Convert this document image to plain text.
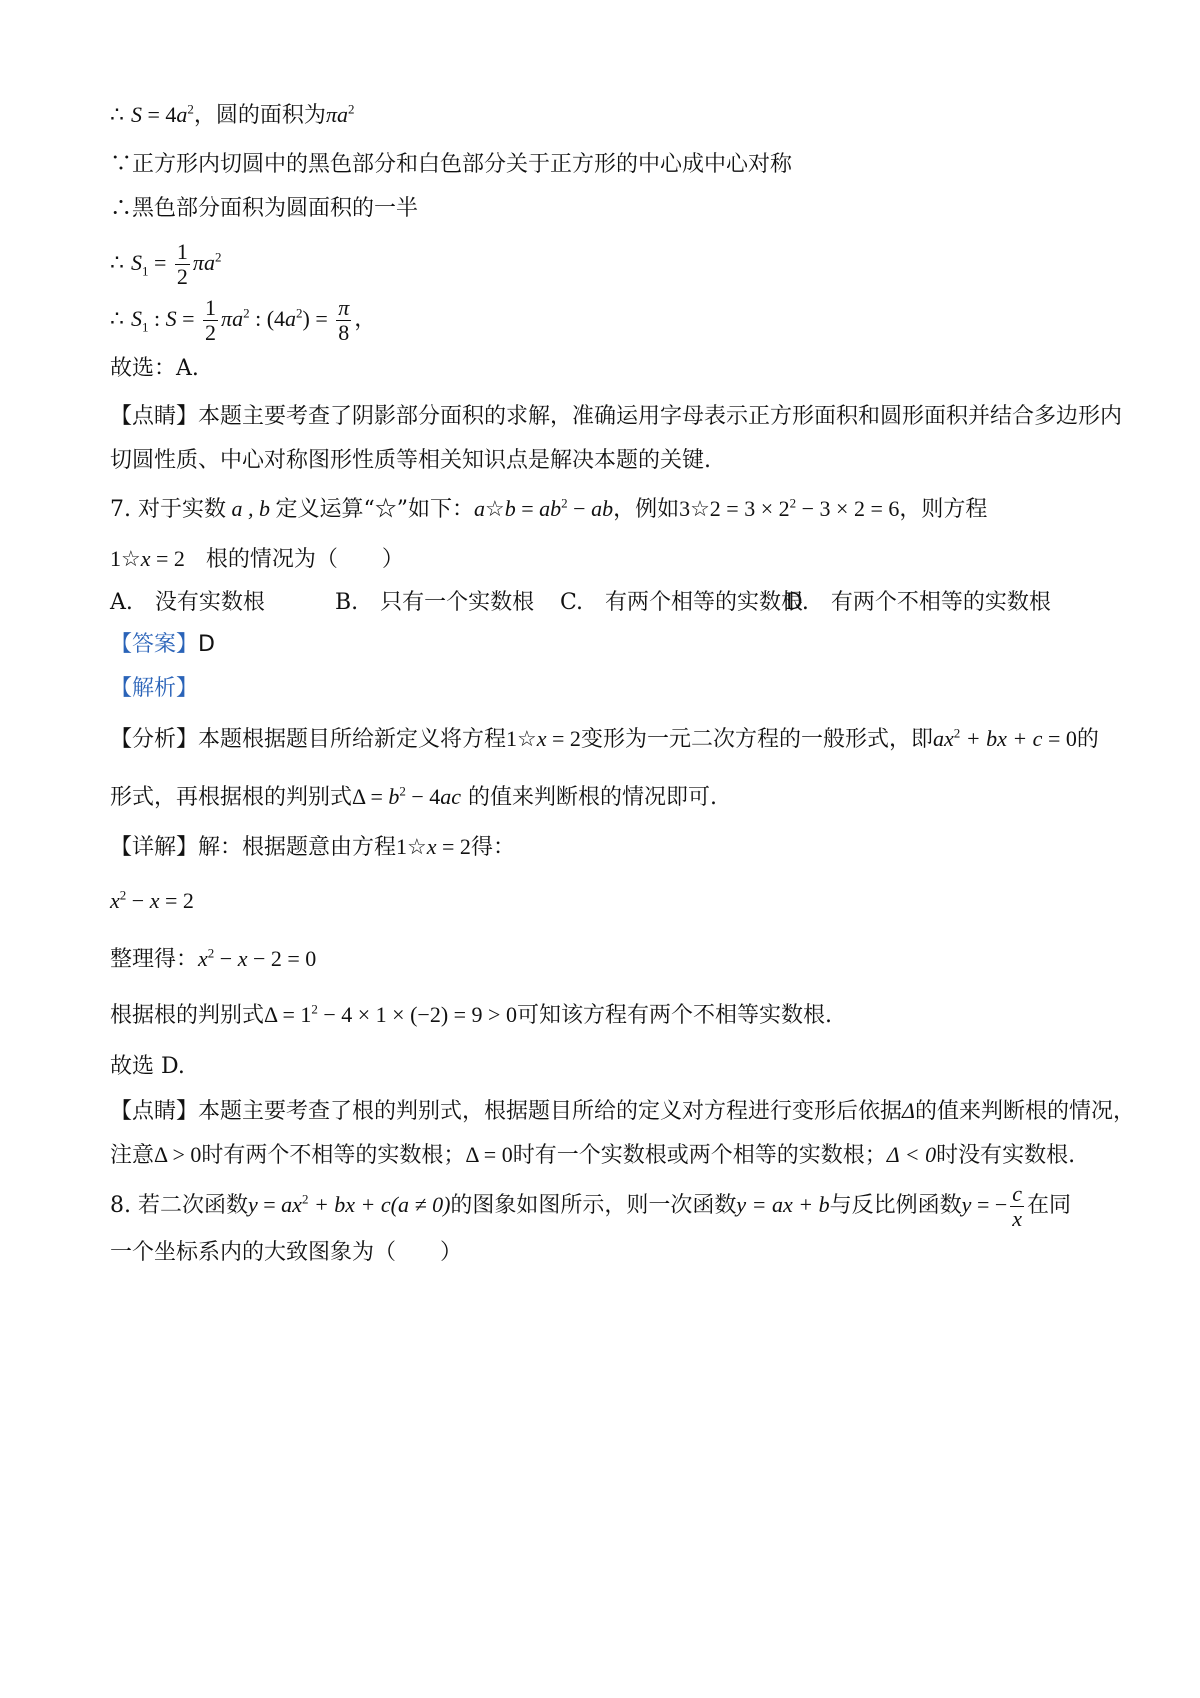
∴ $S = 4a^2$，圆的面积为$\pi a^2$
∵正方形内切圆中的黑色部分和白色部分关于正方形的中心成中心对称
∴黑色部分面积为圆面积的一半
∴ $S_1 = \frac{1}{2} \pi a^2$
∴ $S_1$ : $S = \frac{1}{2} \pi a^2$ : $(4a^2) = \frac{\pi}{8}$ ，
故选：A.
【点睛】本题主要考查了阴影部分面积的求解，准确运用字母表示正方形面积和圆形面积并结合多边形内
切圆性质、中心对称图形性质等相关知识点是解决本题的关键.
7. 对于实数 a , b 定义运算“☆”如下：a☆b = $ab^2$ − ab，例如3☆2 = $3 \times 2^2 - 3 \times 2 = 6$，则方程
1☆x = 2 根的情况为（　　）
A.　没有实数根	B.　只有一个实数根 C.　有两个相等的实数根
D.　有两个不相等的实数根
【答案】D
【解析】
【分析】本题根据题目所给新定义将方程1☆x = 2变形为一元二次方程的一般形式，即$ax^2$ + bx + c = 0的
形式，再根据根的判别式$\Delta = b^2 - 4ac$ 的值来判断根的情况即可.
【详解】解：根据题意由方程1☆x = 2得：
$x^2 - x = 2$
整理得：$x^2 - x - 2 = 0$
根据根的判别式$\Delta = 1^2 - 4 \times 1 \times (-2) = 9 > 0$可知该方程有两个不相等实数根.
故选 D.
【点睛】本题主要考查了根的判别式，根据题目所给的定义对方程进行变形后依据Δ的值来判断根的情况，
注意Δ > 0时有两个不相等的实数根；Δ = 0时有一个实数根或两个相等的实数根；Δ < 0时没有实数根.
8. 若二次函数$y = ax^2$ + bx + c(a ≠ 0)的图象如图所示，则一次函数y = ax + b与反比例函数y = − $\frac{c}{x}$ 在同
一个坐标系内的大致图象为（　　）
